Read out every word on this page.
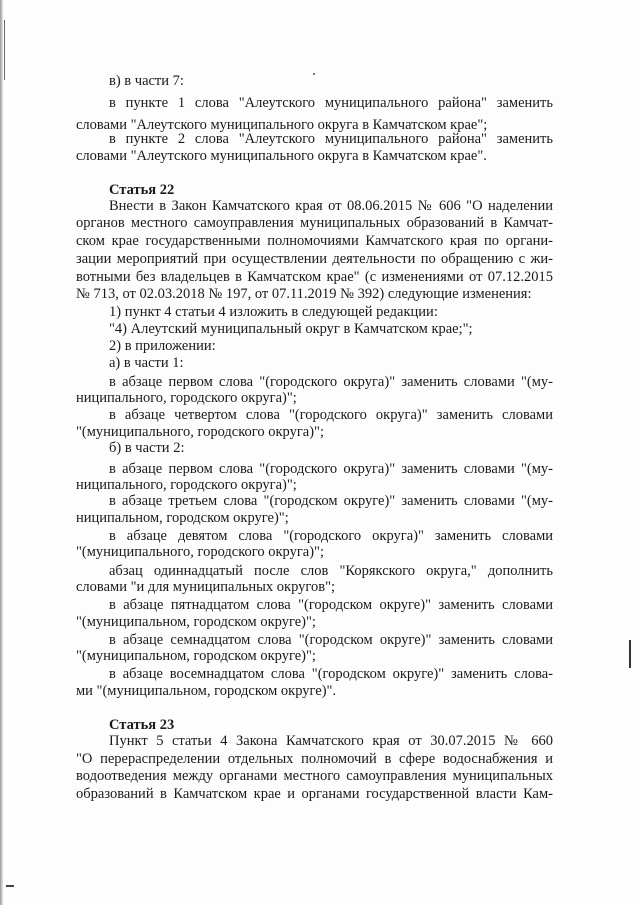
в) в части 7:
в пункте 1 слова "Алеутского муниципального района" заменить
словами "Алеутского муниципального округа в Камчатском крае";
в пункте 2 слова "Алеутского муниципального района" заменить
словами "Алеутского муниципального округа в Камчатском крае".
Статья 22
Внести в Закон Камчатского края от 08.06.2015 № 606 "О наделении
органов местного самоуправления муниципальных образований в Камчат-
ском крае государственными полномочиями Камчатского края по органи-
зации мероприятий при осуществлении деятельности по обращению с жи-
вотными без владельцев в Камчатском крае" (с изменениями от 07.12.2015
№ 713, от 02.03.2018 № 197, от 07.11.2019 № 392) следующие изменения:
1) пункт 4 статьи 4 изложить в следующей редакции:
"4) Алеутский муниципальный округ в Камчатском крае;";
2) в приложении:
а) в части 1:
в абзаце первом слова "(городского округа)" заменить словами "(му-
ниципального, городского округа)";
в абзаце четвертом слова "(городского округа)" заменить словами
"(муниципального, городского округа)";
б) в части 2:
в абзаце первом слова "(городского округа)" заменить словами "(му-
ниципального, городского округа)";
в абзаце третьем слова "(городском округе)" заменить словами "(му-
ниципальном, городском округе)";
в абзаце девятом слова "(городского округа)" заменить словами
"(муниципального, городского округа)";
абзац одиннадцатый после слов "Корякского округа," дополнить
словами "и для муниципальных округов";
в абзаце пятнадцатом слова "(городском округе)" заменить словами
"(муниципальном, городском округе)";
в абзаце семнадцатом слова "(городском округе)" заменить словами
"(муниципальном, городском округе)";
в абзаце восемнадцатом слова "(городском округе)" заменить слова-
ми "(муниципальном, городском округе)".
Статья 23
Пункт 5 статьи 4 Закона Камчатского края от 30.07.2015 № 660
"О перераспределении отдельных полномочий в сфере водоснабжения и
водоотведения между органами местного самоуправления муниципальных
образований в Камчатском крае и органами государственной власти Кам-
